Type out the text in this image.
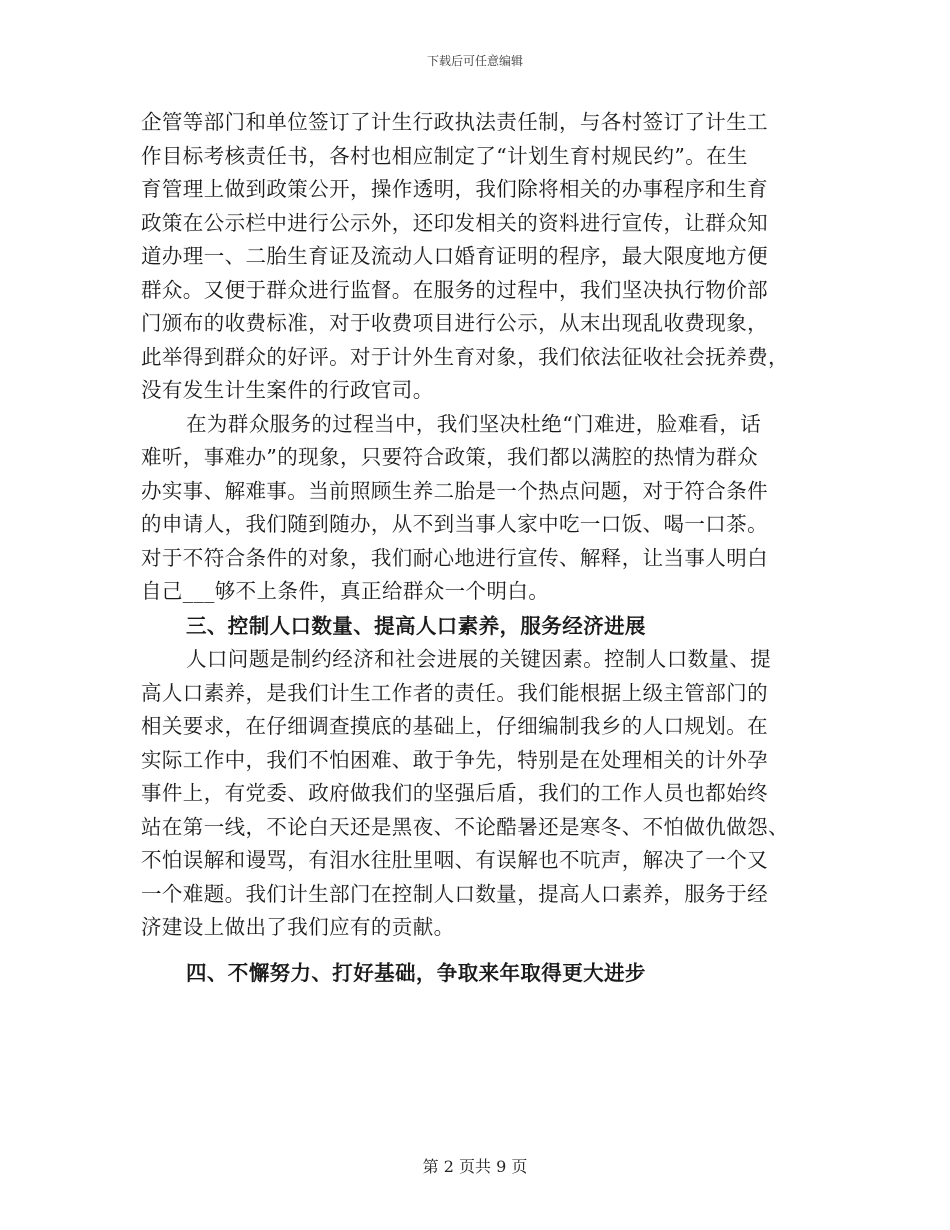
下载后可任意编辑

企管等部门和单位签订了计生行政执法责任制，与各村签订了计生工
作目标考核责任书，各村也相应制定了“计划生育村规民约”。在生
育管理上做到政策公开，操作透明，我们除将相关的办事程序和生育
政策在公示栏中进行公示外，还印发相关的资料进行宣传，让群众知
道办理一、二胎生育证及流动人口婚育证明的程序，最大限度地方便
群众。又便于群众进行监督。在服务的过程中，我们坚决执行物价部
门颁布的收费标准，对于收费项目进行公示，从末出现乱收费现象，
此举得到群众的好评。对于计外生育对象，我们依法征收社会抚养费，
没有发生计生案件的行政官司。

在为群众服务的过程当中，我们坚决杜绝“门难进，脸难看，话
难听，事难办”的现象，只要符合政策，我们都以满腔的热情为群众
办实事、解难事。当前照顾生养二胎是一个热点问题，对于符合条件
的申请人，我们随到随办，从不到当事人家中吃一口饭、喝一口茶。
对于不符合条件的对象，我们耐心地进行宣传、解释，让当事人明白
自己___够不上条件，真正给群众一个明白。

三、控制人口数量、提高人口素养，服务经济进展

人口问题是制约经济和社会进展的关键因素。控制人口数量、提
高人口素养，是我们计生工作者的责任。我们能根据上级主管部门的
相关要求，在仔细调查摸底的基础上，仔细编制我乡的人口规划。在
实际工作中，我们不怕困难、敢于争先，特别是在处理相关的计外孕
事件上，有党委、政府做我们的坚强后盾，我们的工作人员也都始终
站在第一线，不论白天还是黑夜、不论酷暑还是寒冬、不怕做仇做怨、
不怕误解和谩骂，有泪水往肚里咽、有误解也不吭声，解决了一个又
一个难题。我们计生部门在控制人口数量，提高人口素养，服务于经
济建设上做出了我们应有的贡献。

四、不懈努力、打好基础，争取来年取得更大进步

第 2 页共 9 页
